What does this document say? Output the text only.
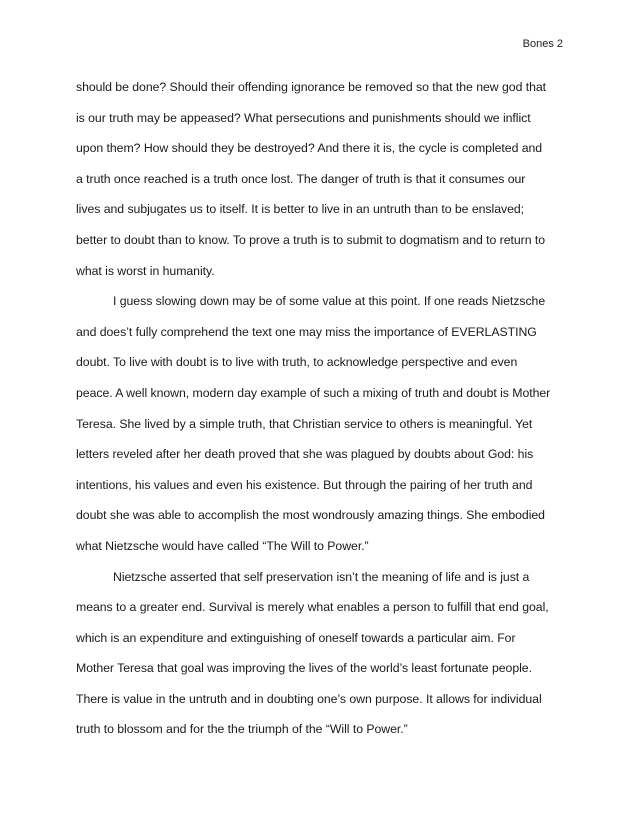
Bones 2
should be done? Should their offending ignorance be removed so that the new god that
is our truth may be appeased? What persecutions and punishments should we inflict
upon them? How should they be destroyed? And there it is, the cycle is completed and
a truth once reached is a truth once lost. The danger of truth is that it consumes our
lives and subjugates us to itself. It is better to live in an untruth than to be enslaved;
better to doubt than to know. To prove a truth is to submit to dogmatism and to return to
what is worst in humanity.
I guess slowing down may be of some value at this point. If one reads Nietzsche
and does’t fully comprehend the text one may miss the importance of EVERLASTING
doubt. To live with doubt is to live with truth, to acknowledge perspective and even
peace. A well known, modern day example of such a mixing of truth and doubt is Mother
Teresa. She lived by a simple truth, that Christian service to others is meaningful. Yet
letters reveled after her death proved that she was plagued by doubts about God: his
intentions, his values and even his existence. But through the pairing of her truth and
doubt she was able to accomplish the most wondrously amazing things. She embodied
what Nietzsche would have called “The Will to Power.”
Nietzsche asserted that self preservation isn’t the meaning of life and is just a
means to a greater end. Survival is merely what enables a person to fulfill that end goal,
which is an expenditure and extinguishing of oneself towards a particular aim. For
Mother Teresa that goal was improving the lives of the world’s least fortunate people.
There is value in the untruth and in doubting one’s own purpose. It allows for individual
truth to blossom and for the the triumph of the “Will to Power.”
